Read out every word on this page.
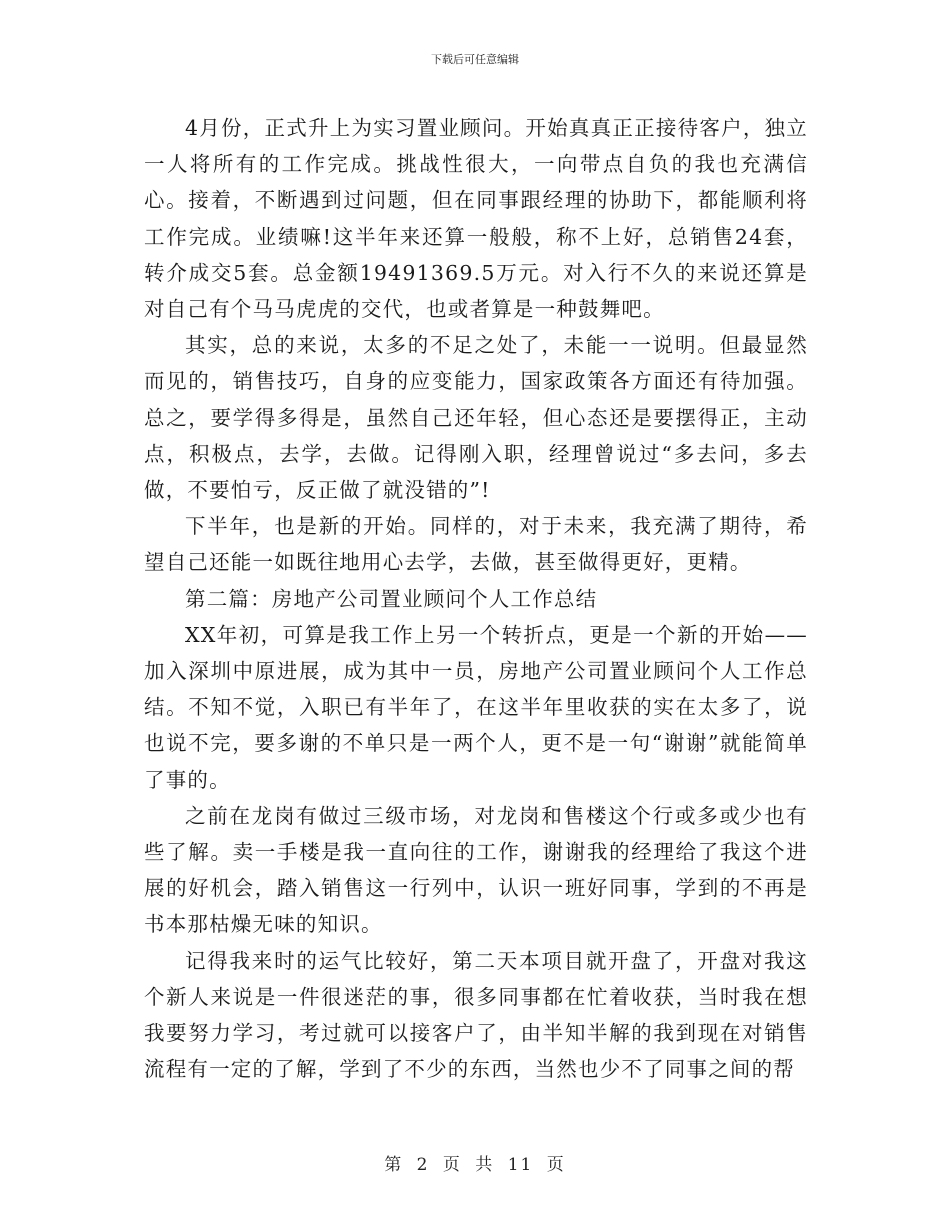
下载后可任意编辑

4月份，正式升上为实习置业顾问。开始真真正正接待客户，独立一人将所有的工作完成。挑战性很大，一向带点自负的我也充满信心。接着，不断遇到过问题，但在同事跟经理的协助下，都能顺利将工作完成。业绩嘛!这半年来还算一般般，称不上好，总销售24套，转介成交5套。总金额19491369.5万元。对入行不久的来说还算是对自己有个马马虎虎的交代，也或者算是一种鼓舞吧。

其实，总的来说，太多的不足之处了，未能一一说明。但最显然而见的，销售技巧，自身的应变能力，国家政策各方面还有待加强。总之，要学得多得是，虽然自己还年轻，但心态还是要摆得正，主动点，积极点，去学，去做。记得刚入职，经理曾说过“多去问，多去做，不要怕亏，反正做了就没错的”!

下半年，也是新的开始。同样的，对于未来，我充满了期待，希望自己还能一如既往地用心去学，去做，甚至做得更好，更精。

第二篇：房地产公司置业顾问个人工作总结

XX年初，可算是我工作上另一个转折点，更是一个新的开始——加入深圳中原进展，成为其中一员，房地产公司置业顾问个人工作总结。不知不觉，入职已有半年了，在这半年里收获的实在太多了，说也说不完，要多谢的不单只是一两个人，更不是一句“谢谢”就能简单了事的。

之前在龙岗有做过三级市场，对龙岗和售楼这个行或多或少也有些了解。卖一手楼是我一直向往的工作，谢谢我的经理给了我这个进展的好机会，踏入销售这一行列中，认识一班好同事，学到的不再是书本那枯燥无味的知识。

记得我来时的运气比较好，第二天本项目就开盘了，开盘对我这个新人来说是一件很迷茫的事，很多同事都在忙着收获，当时我在想我要努力学习，考过就可以接客户了，由半知半解的我到现在对销售流程有一定的了解，学到了不少的东西，当然也少不了同事之间的帮

第 2 页 共 11 页
